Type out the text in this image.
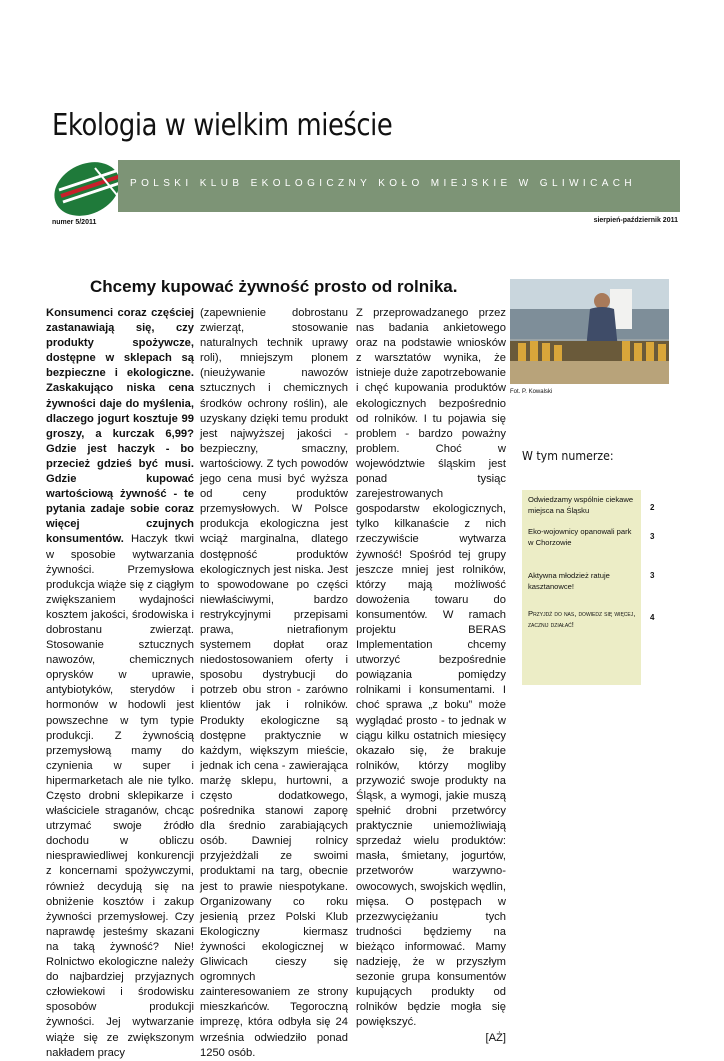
Ekologia w wielkim mieście
POLSKI KLUB EKOLOGICZNY KOŁO MIEJSKIE W GLIWICACH
numer 5/2011	sierpień-październik 2011
Chcemy kupować żywność prosto od rolnika.
Konsumenci coraz częściej zastanawiają się, czy produkty spożywcze, dostępne w sklepach są bezpieczne i ekologiczne. Zaskakująco niska cena żywności daje do myślenia, dlaczego jogurt kosztuje 99 groszy, a kurczak 6,99? Gdzie jest haczyk - bo przecież gdzieś być musi. Gdzie kupować wartościową żywność - te pytania zadaje sobie coraz więcej czujnych konsumentów. Haczyk tkwi w sposobie wytwarzania żywności. Przemysłowa produkcja wiąże się z ciągłym zwiększaniem wydajności kosztem jakości, środowiska i dobrostanu zwierząt. Stosowanie sztucznych nawozów, chemicznych oprysków w uprawie, antybiotyków, sterydów i hormonów w hodowli jest powszechne w tym typie produkcji. Z żywnością przemysłową mamy do czynienia w super i hipermarketach ale nie tylko. Często drobni sklepikarze i właściciele straganów, chcąc utrzymać swoje źródło dochodu w obliczu niesprawiedliwej konkurencji z koncernami spożywczymi, również decydują się na obniżenie kosztów i zakup żywności przemysłowej. Czy naprawdę jesteśmy skazani na taką żywność? Nie! Rolnictwo ekologiczne należy do najbardziej przyjaznych człowiekowi i środowisku sposobów produkcji żywności. Jej wytwarzanie wiąże się ze zwiększonym nakładem pracy
(zapewnienie dobrostanu zwierząt, stosowanie naturalnych technik uprawy roli), mniejszym plonem (nieużywanie nawozów sztucznych i chemicznych środków ochrony roślin), ale uzyskany dzięki temu produkt jest najwyższej jakości - bezpieczny, smaczny, wartościowy. Z tych powodów jego cena musi być wyższa od ceny produktów przemysłowych. W Polsce produkcja ekologiczna jest wciąż marginalna, dlatego dostępność produktów ekologicznych jest niska. Jest to spowodowane po części niewłaściwymi, bardzo restrykcyjnymi przepisami prawa, nietrafionym systemem dopłat oraz niedostosowaniem oferty i sposobu dystrybucji do potrzeb obu stron - zarówno klientów jak i rolników. Produkty ekologiczne są dostępne praktycznie w każdym, większym mieście, jednak ich cena - zawierająca marżę sklepu, hurtowni, a często dodatkowego, pośrednika stanowi zaporę dla średnio zarabiających osób. Dawniej rolnicy przyjeżdżali ze swoimi produktami na targ, obecnie jest to prawie niespotykane. Organizowany co roku jesienią przez Polski Klub Ekologiczny kiermasz żywności ekologicznej w Gliwicach cieszy się ogromnych zainteresowaniem ze strony mieszkańców. Tegoroczną imprezę, która odbyła się 24 września odwiedziło ponad 1250 osób.
Z przeprowadzanego przez nas badania ankietowego oraz na podstawie wniosków z warsztatów wynika, że istnieje duże zapotrzebowanie i chęć kupowania produktów ekologicznych bezpośrednio od rolników. I tu pojawia się problem - bardzo poważny problem. Choć w województwie śląskim jest ponad tysiąc zarejestrowanych gospodarstw ekologicznych, tylko kilkanaście z nich rzeczywiście wytwarza żywność! Spośród tej grupy jeszcze mniej jest rolników, którzy mają możliwość dowożenia towaru do konsumentów. W ramach projektu BERAS Implementation chcemy utworzyć bezpośrednie powiązania pomiędzy rolnikami i konsumentami. I choć sprawa „z boku” może wyglądać prosto - to jednak w ciągu kilku ostatnich miesięcy okazało się, że brakuje rolników, którzy mogliby przywozić swoje produkty na Śląsk, a wymogi, jakie muszą spełnić drobni przetwórcy praktycznie uniemożliwiają sprzedaż wielu produktów: masła, śmietany, jogurtów, przetworów warzywno-owocowych, swojskich wędlin, mięsa. O postępach w przezwyciężaniu tych trudności będziemy na bieżąco informować. Mamy nadzieję, że w przyszłym sezonie grupa konsumentów kupujących produkty od rolników będzie mogła się powiększyć.
[AŻ]
Fot. P. Kowalski
W tym numerze:
Odwiedzamy wspólnie ciekawe miejsca na Śląsku
Eko-wojownicy opanowali park w Chorzowie
Aktywna młodzież ratuje kasztanowce!
Przyjdź do nas, dowiedz się więcej, zacznij działać!
2
3
3
4
